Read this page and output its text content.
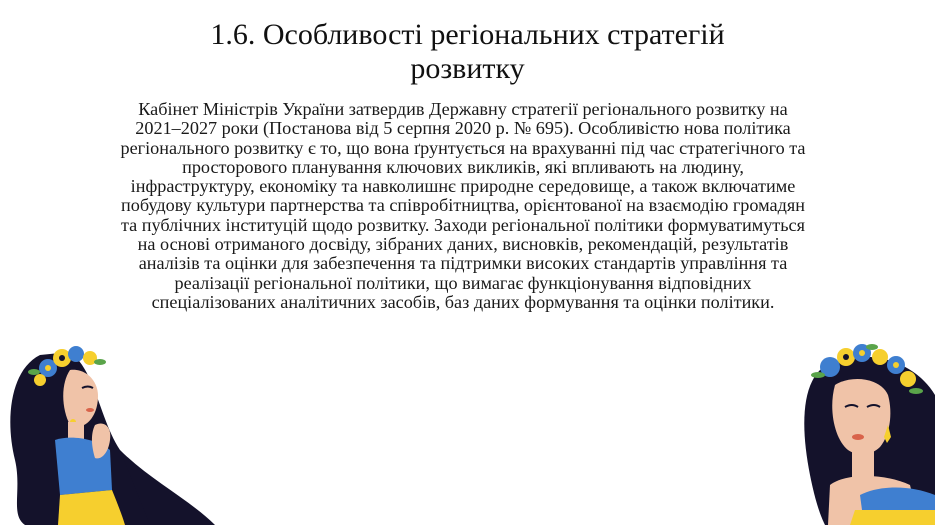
1.6. Особливості регіональних стратегій
розвитку
Кабінет Міністрів України затвердив Державну стратегії регіонального розвитку на 2021–2027 роки (Постанова від 5 серпня 2020 р. № 695). Особливістю нова політика регіонального розвитку є то, що вона ґрунтується на врахуванні під час стратегічного та просторового планування ключових викликів, які впливають на людину, інфраструктуру, економіку та навколишнє природне середовище, а також включатиме побудову культури партнерства та співробітництва, орієнтованої на взаємодію громадян та публічних інституцій щодо розвитку. Заходи регіональної політики формуватимуться на основі отриманого досвіду, зібраних даних, висновків, рекомендацій, результатів аналізів та оцінки для забезпечення та підтримки високих стандартів управління та реалізації регіональної політики, що вимагає функціонування відповідних спеціалізованих аналітичних засобів, баз даних формування та оцінки політики.
